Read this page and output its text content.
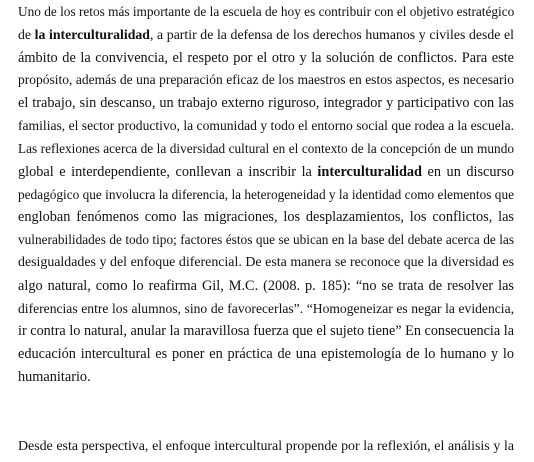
Uno de los retos más importante de la escuela de hoy es contribuir con el objetivo estratégico
de la interculturalidad, a partir de la defensa de los derechos humanos y civiles desde el
ámbito de la convivencia, el respeto por el otro y la solución de conflictos. Para este
propósito, además de una preparación eficaz de los maestros en estos aspectos, es necesario
el trabajo, sin descanso, un trabajo externo riguroso, integrador y participativo con las
familias, el sector productivo, la comunidad y todo el entorno social que rodea a la escuela.

Las reflexiones acerca de la diversidad cultural en el contexto de la concepción de un mundo
global e interdependiente, conllevan a inscribir la interculturalidad en un discurso
pedagógico que involucra la diferencia, la heterogeneidad y la identidad como elementos que
engloban fenómenos como las migraciones, los desplazamientos, los conflictos, las
vulnerabilidades de todo tipo; factores éstos que se ubican en la base del debate acerca de las
desigualdades y del enfoque diferencial. De esta manera se reconoce que la diversidad es
algo natural, como lo reafirma Gil, M.C. (2008. p. 185): “no se trata de resolver las
diferencias entre los alumnos, sino de favorecerlas”. “Homogeneizar es negar la evidencia,
ir contra lo natural, anular la maravillosa fuerza que el sujeto tiene” En consecuencia la
educación intercultural es poner en práctica de una epistemología de lo humano y lo
humanitario.

Desde esta perspectiva, el enfoque intercultural propende por la reflexión, el análisis y la
